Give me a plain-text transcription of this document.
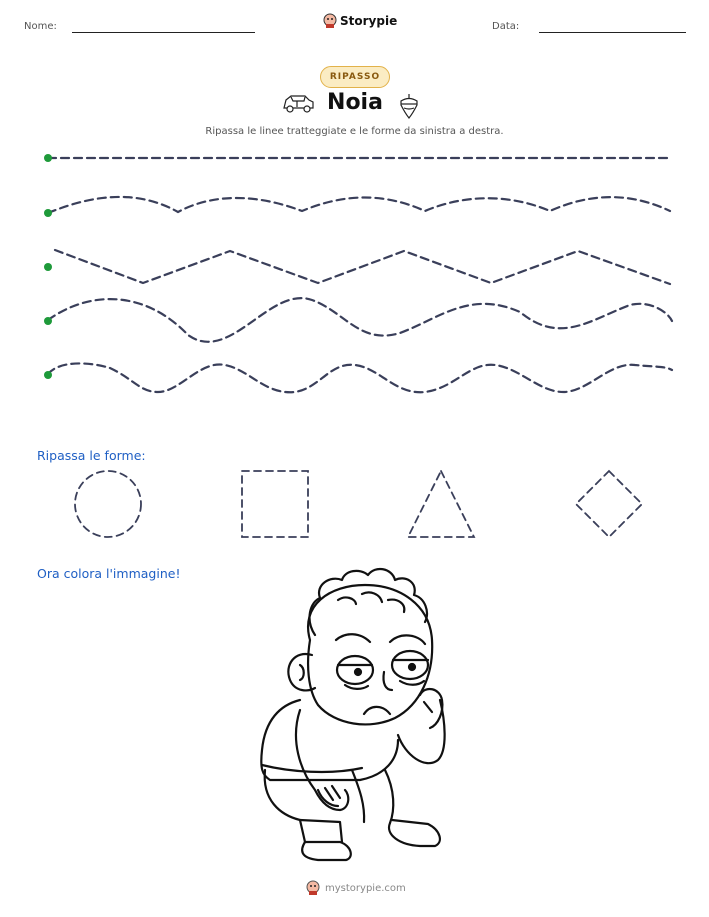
Nome:	Storypie	Data:
RIPASSO
Noia
Ripassa le linee tratteggiate e le forme da sinistra a destra.
Ripassa le forme:
Ora colora l'immagine!
mystorypie.com
